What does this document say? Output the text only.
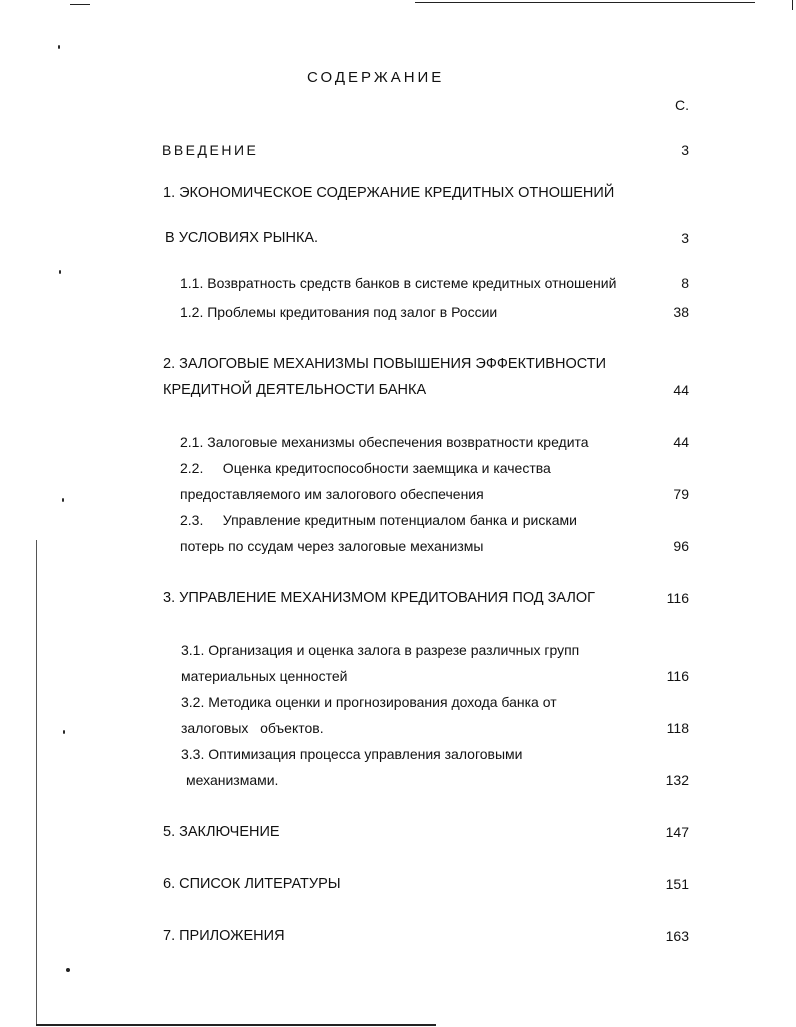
СОДЕРЖАНИЕ
С.
ВВЕДЕНИЕ	3
1. ЭКОНОМИЧЕСКОЕ СОДЕРЖАНИЕ КРЕДИТНЫХ ОТНОШЕНИЙ
В УСЛОВИЯХ РЫНКА.	3
1.1. Возвратность средств банков в системе кредитных отношений	8
1.2. Проблемы кредитования под залог в России	38
2. ЗАЛОГОВЫЕ МЕХАНИЗМЫ ПОВЫШЕНИЯ ЭФФЕКТИВНОСТИ
КРЕДИТНОЙ ДЕЯТЕЛЬНОСТИ БАНКА	44
2.1. Залоговые механизмы обеспечения возвратности кредита	44
2.2.     Оценка кредитоспособности заемщика и качества
предоставляемого им залогового обеспечения	79
2.3.     Управление кредитным потенциалом банка и рисками
потерь по ссудам через залоговые механизмы	96
3. УПРАВЛЕНИЕ МЕХАНИЗМОМ КРЕДИТОВАНИЯ ПОД ЗАЛОГ	116
3.1. Организация и оценка залога в разрезе различных групп
материальных ценностей	116
3.2. Методика оценки и прогнозирования дохода банка от
залоговых   объектов.	118
3.3. Оптимизация процесса управления залоговыми
механизмами.	132
5. ЗАКЛЮЧЕНИЕ	147
6. СПИСОК ЛИТЕРАТУРЫ	151
7. ПРИЛОЖЕНИЯ	163
